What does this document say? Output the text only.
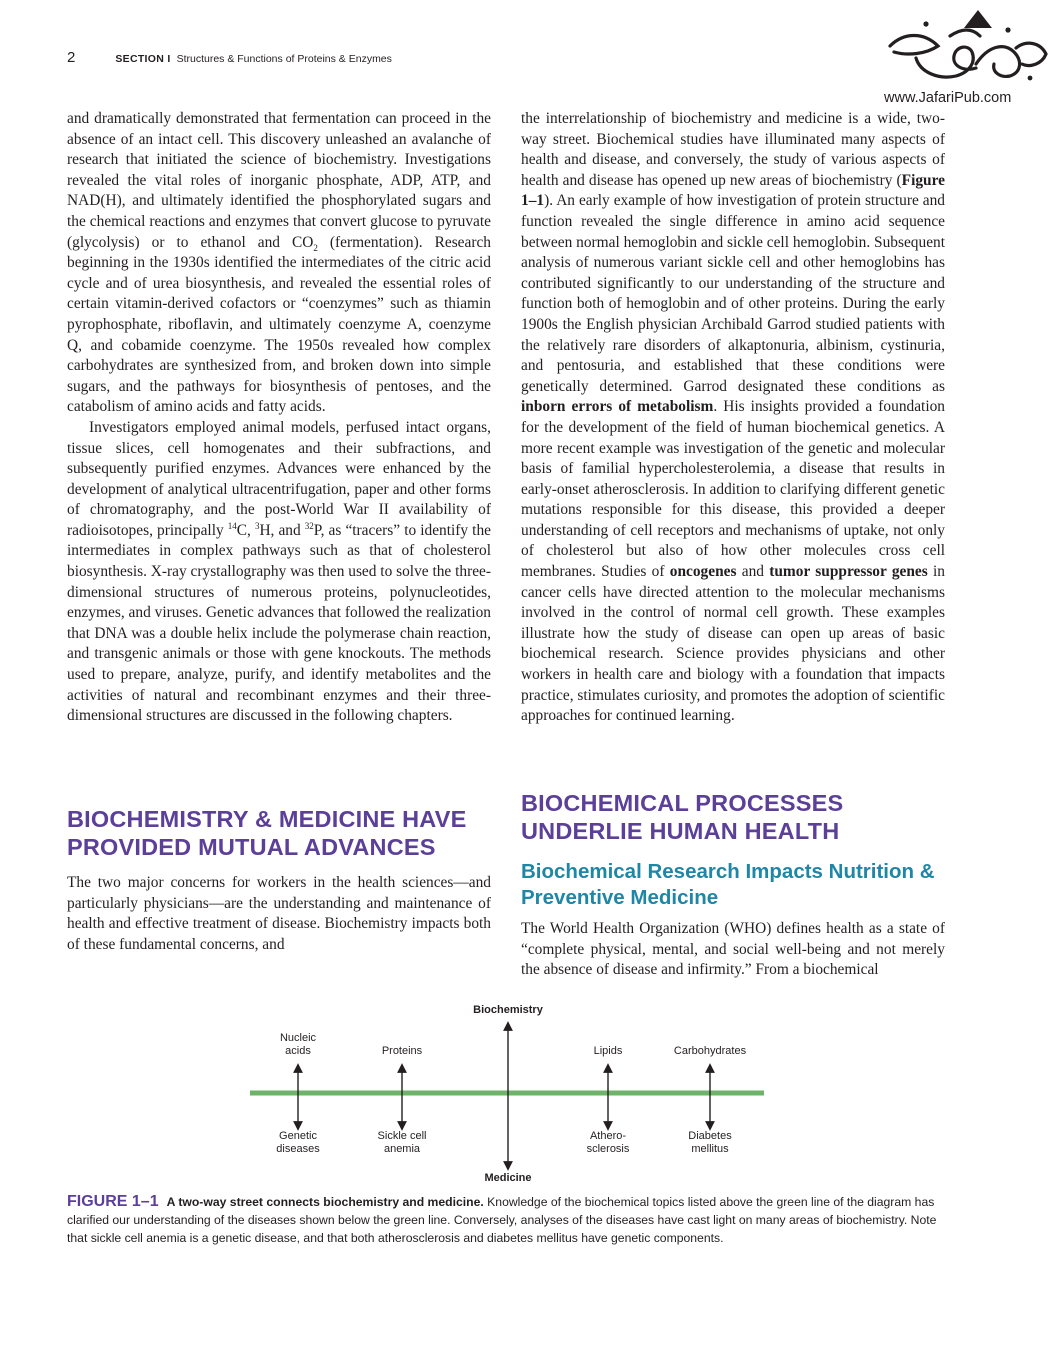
2	SECTION I Structures & Functions of Proteins & Enzymes
www.JafariPub.com

and dramatically demonstrated that fermentation can proceed in the absence of an intact cell. This discovery unleashed an avalanche of research that initiated the science of biochemistry. Investigations revealed the vital roles of inorganic phosphate, ADP, ATP, and NAD(H), and ultimately identified the phosphorylated sugars and the chemical reactions and enzymes that convert glucose to pyruvate (glycolysis) or to ethanol and $CO_2$ (fermentation). Research beginning in the 1930s identified the intermediates of the citric acid cycle and of urea biosynthesis, and revealed the essential roles of certain vitamin-derived cofactors or “coenzymes” such as thiamin pyrophosphate, riboflavin, and ultimately coenzyme A, coenzyme Q, and cobamide coenzyme. The 1950s revealed how complex carbohydrates are synthesized from, and broken down into simple sugars, and the pathways for biosynthesis of pentoses, and the catabolism of amino acids and fatty acids.

Investigators employed animal models, perfused intact organs, tissue slices, cell homogenates and their subfractions, and subsequently purified enzymes. Advances were enhanced by the development of analytical ultracentrifugation, paper and other forms of chromatography, and the post-World War II availability of radioisotopes, principally $^{14}$C, $^3$H, and $^{32}$P, as “tracers” to identify the intermediates in complex pathways such as that of cholesterol biosynthesis. X-ray crystallography was then used to solve the three-dimensional structures of numerous proteins, polynucleotides, enzymes, and viruses. Genetic advances that followed the realization that DNA was a double helix include the polymerase chain reaction, and transgenic animals or those with gene knockouts. The methods used to prepare, analyze, purify, and identify metabolites and the activities of natural and recombinant enzymes and their three-dimensional structures are discussed in the following chapters.

BIOCHEMISTRY & MEDICINE HAVE PROVIDED MUTUAL ADVANCES

The two major concerns for workers in the health sciences—and particularly physicians—are the understanding and maintenance of health and effective treatment of disease. Biochemistry impacts both of these fundamental concerns, and

the interrelationship of biochemistry and medicine is a wide, two-way street. Biochemical studies have illuminated many aspects of health and disease, and conversely, the study of various aspects of health and disease has opened up new areas of biochemistry (Figure 1–1). An early example of how investigation of protein structure and function revealed the single difference in amino acid sequence between normal hemoglobin and sickle cell hemoglobin. Subsequent analysis of numerous variant sickle cell and other hemoglobins has contributed significantly to our understanding of the structure and function both of hemoglobin and of other proteins. During the early 1900s the English physician Archibald Garrod studied patients with the relatively rare disorders of alkaptonuria, albinism, cystinuria, and pentosuria, and established that these conditions were genetically determined. Garrod designated these conditions as inborn errors of metabolism. His insights provided a foundation for the development of the field of human biochemical genetics. A more recent example was investigation of the genetic and molecular basis of familial hypercholesterolemia, a disease that results in early-onset atherosclerosis. In addition to clarifying different genetic mutations responsible for this disease, this provided a deeper understanding of cell receptors and mechanisms of uptake, not only of cholesterol but also of how other molecules cross cell membranes. Studies of oncogenes and tumor suppressor genes in cancer cells have directed attention to the molecular mechanisms involved in the control of normal cell growth. These examples illustrate how the study of disease can open up areas of basic biochemical research. Science provides physicians and other workers in health care and biology with a foundation that impacts practice, stimulates curiosity, and promotes the adoption of scientific approaches for continued learning.

BIOCHEMICAL PROCESSES UNDERLIE HUMAN HEALTH
Biochemical Research Impacts Nutrition & Preventive Medicine

The World Health Organization (WHO) defines health as a state of “complete physical, mental, and social well-being and not merely the absence of disease and infirmity.” From a biochemical

Biochemistry
Medicine
Nucleic
acids	Proteins	Lipids	Carbohydrates
Genetic
diseases
Sickle cell
anemia
Athero-
sclerosis
Diabetes
mellitus
FIGURE 1–1 A two-way street connects biochemistry and medicine. Knowledge of the biochemical topics listed above the green line of the diagram has clarified our understanding of the diseases shown below the green line. Conversely, analyses of the diseases have cast light on many areas of biochemistry. Note that sickle cell anemia is a genetic disease, and that both atherosclerosis and diabetes mellitus have genetic components.
